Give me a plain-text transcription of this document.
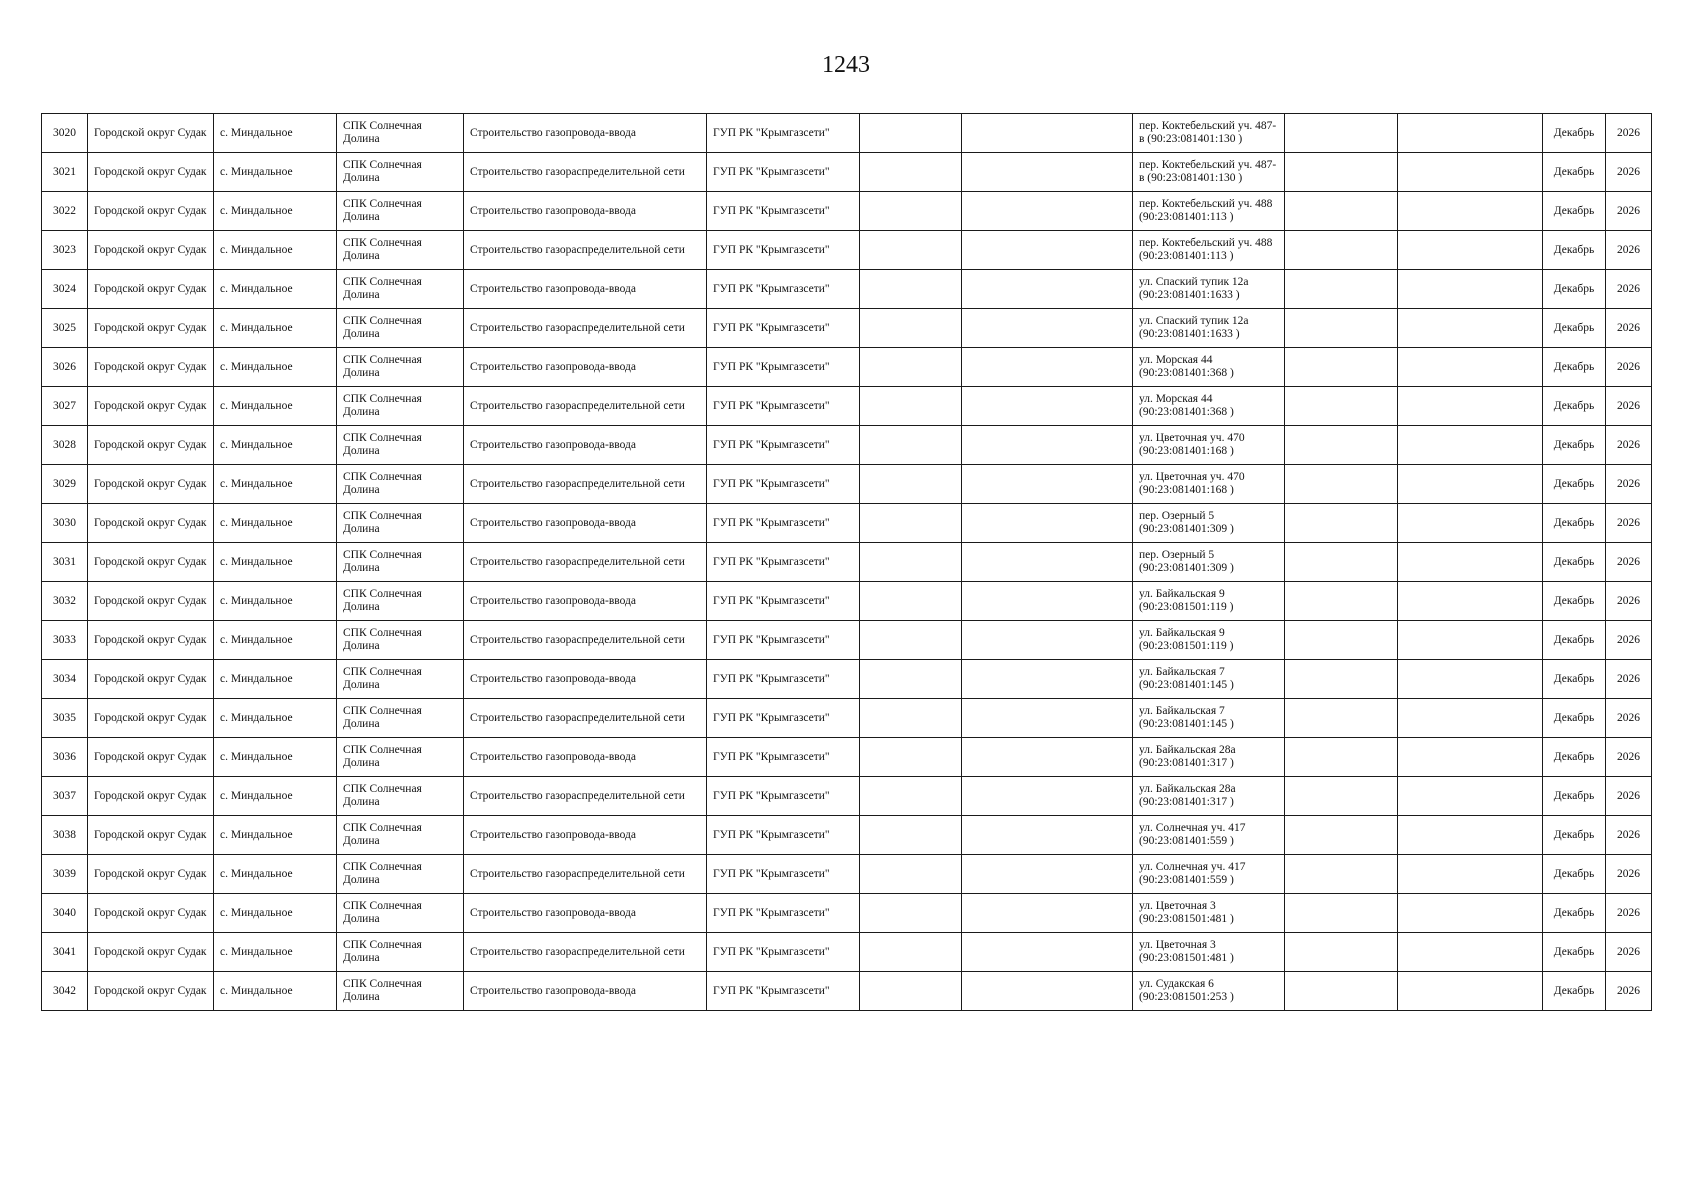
1243
3020	Городской округ Судак	с. Миндальное	СПК Солнечная Долина	Строительство газопровода-ввода	ГУП РК "Крымгазсети"			пер. Коктебельский уч. 487-в (90:23:081401:130 )			Декабрь	2026
3021	Городской округ Судак	с. Миндальное	СПК Солнечная Долина	Строительство газораспределительной сети	ГУП РК "Крымгазсети"			пер. Коктебельский уч. 487-в (90:23:081401:130 )			Декабрь	2026
3022	Городской округ Судак	с. Миндальное	СПК Солнечная Долина	Строительство газопровода-ввода	ГУП РК "Крымгазсети"			пер. Коктебельский уч. 488 (90:23:081401:113 )			Декабрь	2026
3023	Городской округ Судак	с. Миндальное	СПК Солнечная Долина	Строительство газораспределительной сети	ГУП РК "Крымгазсети"			пер. Коктебельский уч. 488 (90:23:081401:113 )			Декабрь	2026
3024	Городской округ Судак	с. Миндальное	СПК Солнечная Долина	Строительство газопровода-ввода	ГУП РК "Крымгазсети"			ул. Спаский тупик 12а (90:23:081401:1633 )			Декабрь	2026
3025	Городской округ Судак	с. Миндальное	СПК Солнечная Долина	Строительство газораспределительной сети	ГУП РК "Крымгазсети"			ул. Спаский тупик 12а (90:23:081401:1633 )			Декабрь	2026
3026	Городской округ Судак	с. Миндальное	СПК Солнечная Долина	Строительство газопровода-ввода	ГУП РК "Крымгазсети"			ул. Морская 44 (90:23:081401:368 )			Декабрь	2026
3027	Городской округ Судак	с. Миндальное	СПК Солнечная Долина	Строительство газораспределительной сети	ГУП РК "Крымгазсети"			ул. Морская 44 (90:23:081401:368 )			Декабрь	2026
3028	Городской округ Судак	с. Миндальное	СПК Солнечная Долина	Строительство газопровода-ввода	ГУП РК "Крымгазсети"			ул. Цветочная уч. 470 (90:23:081401:168 )			Декабрь	2026
3029	Городской округ Судак	с. Миндальное	СПК Солнечная Долина	Строительство газораспределительной сети	ГУП РК "Крымгазсети"			ул. Цветочная уч. 470 (90:23:081401:168 )			Декабрь	2026
3030	Городской округ Судак	с. Миндальное	СПК Солнечная Долина	Строительство газопровода-ввода	ГУП РК "Крымгазсети"			пер. Озерный 5 (90:23:081401:309 )			Декабрь	2026
3031	Городской округ Судак	с. Миндальное	СПК Солнечная Долина	Строительство газораспределительной сети	ГУП РК "Крымгазсети"			пер. Озерный 5 (90:23:081401:309 )			Декабрь	2026
3032	Городской округ Судак	с. Миндальное	СПК Солнечная Долина	Строительство газопровода-ввода	ГУП РК "Крымгазсети"			ул. Байкальская 9 (90:23:081501:119 )			Декабрь	2026
3033	Городской округ Судак	с. Миндальное	СПК Солнечная Долина	Строительство газораспределительной сети	ГУП РК "Крымгазсети"			ул. Байкальская 9 (90:23:081501:119 )			Декабрь	2026
3034	Городской округ Судак	с. Миндальное	СПК Солнечная Долина	Строительство газопровода-ввода	ГУП РК "Крымгазсети"			ул. Байкальская 7 (90:23:081401:145 )			Декабрь	2026
3035	Городской округ Судак	с. Миндальное	СПК Солнечная Долина	Строительство газораспределительной сети	ГУП РК "Крымгазсети"			ул. Байкальская 7 (90:23:081401:145 )			Декабрь	2026
3036	Городской округ Судак	с. Миндальное	СПК Солнечная Долина	Строительство газопровода-ввода	ГУП РК "Крымгазсети"			ул. Байкальская 28а (90:23:081401:317 )			Декабрь	2026
3037	Городской округ Судак	с. Миндальное	СПК Солнечная Долина	Строительство газораспределительной сети	ГУП РК "Крымгазсети"			ул. Байкальская 28а (90:23:081401:317 )			Декабрь	2026
3038	Городской округ Судак	с. Миндальное	СПК Солнечная Долина	Строительство газопровода-ввода	ГУП РК "Крымгазсети"			ул. Солнечная уч. 417 (90:23:081401:559 )			Декабрь	2026
3039	Городской округ Судак	с. Миндальное	СПК Солнечная Долина	Строительство газораспределительной сети	ГУП РК "Крымгазсети"			ул. Солнечная уч. 417 (90:23:081401:559 )			Декабрь	2026
3040	Городской округ Судак	с. Миндальное	СПК Солнечная Долина	Строительство газопровода-ввода	ГУП РК "Крымгазсети"			ул. Цветочная 3 (90:23:081501:481 )			Декабрь	2026
3041	Городской округ Судак	с. Миндальное	СПК Солнечная Долина	Строительство газораспределительной сети	ГУП РК "Крымгазсети"			ул. Цветочная 3 (90:23:081501:481 )			Декабрь	2026
3042	Городской округ Судак	с. Миндальное	СПК Солнечная Долина	Строительство газопровода-ввода	ГУП РК "Крымгазсети"			ул. Судакская 6 (90:23:081501:253 )			Декабрь	2026
